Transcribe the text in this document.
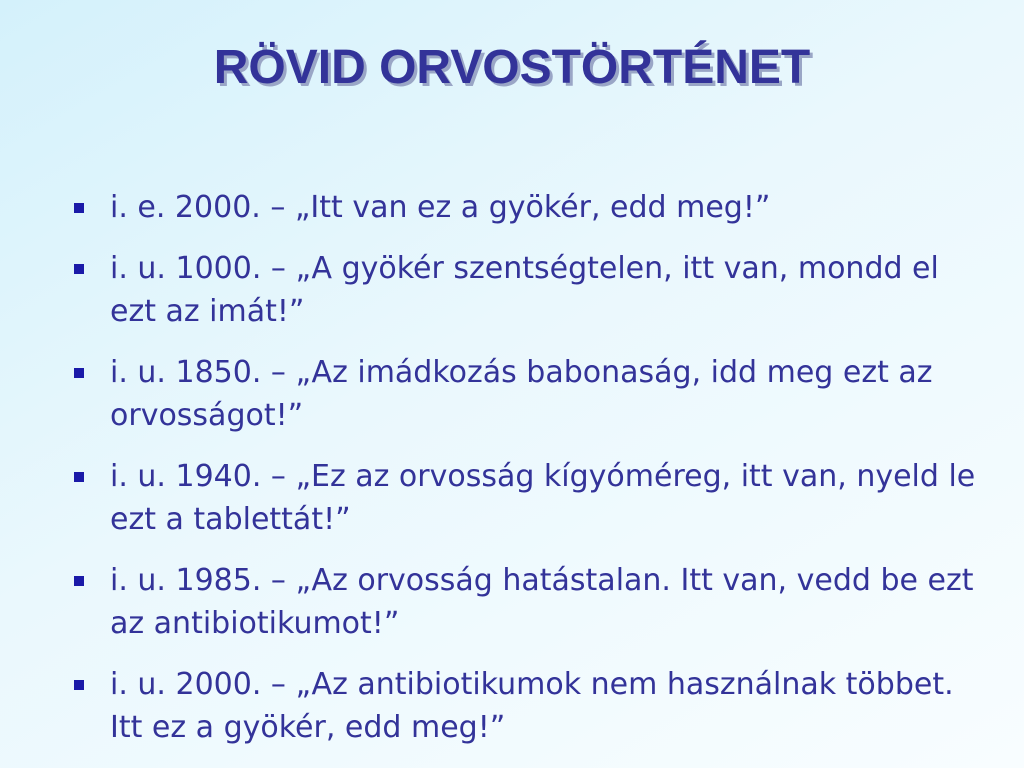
RÖVID ORVOSTÖRTÉNET
i. e. 2000. – „Itt van ez a gyökér, edd meg!”
i. u. 1000. – „A gyökér szentségtelen, itt van, mondd el ezt az imát!”
i. u. 1850. – „Az imádkozás babonaság, idd meg ezt az orvosságot!”
i. u. 1940. – „Ez az orvosság kígyóméreg, itt van, nyeld le ezt a tablettát!”
i. u. 1985. – „Az orvosság hatástalan. Itt van, vedd be ezt az antibiotikumot!”
i. u. 2000. – „Az antibiotikumok nem használnak többet. Itt ez a gyökér, edd meg!”
